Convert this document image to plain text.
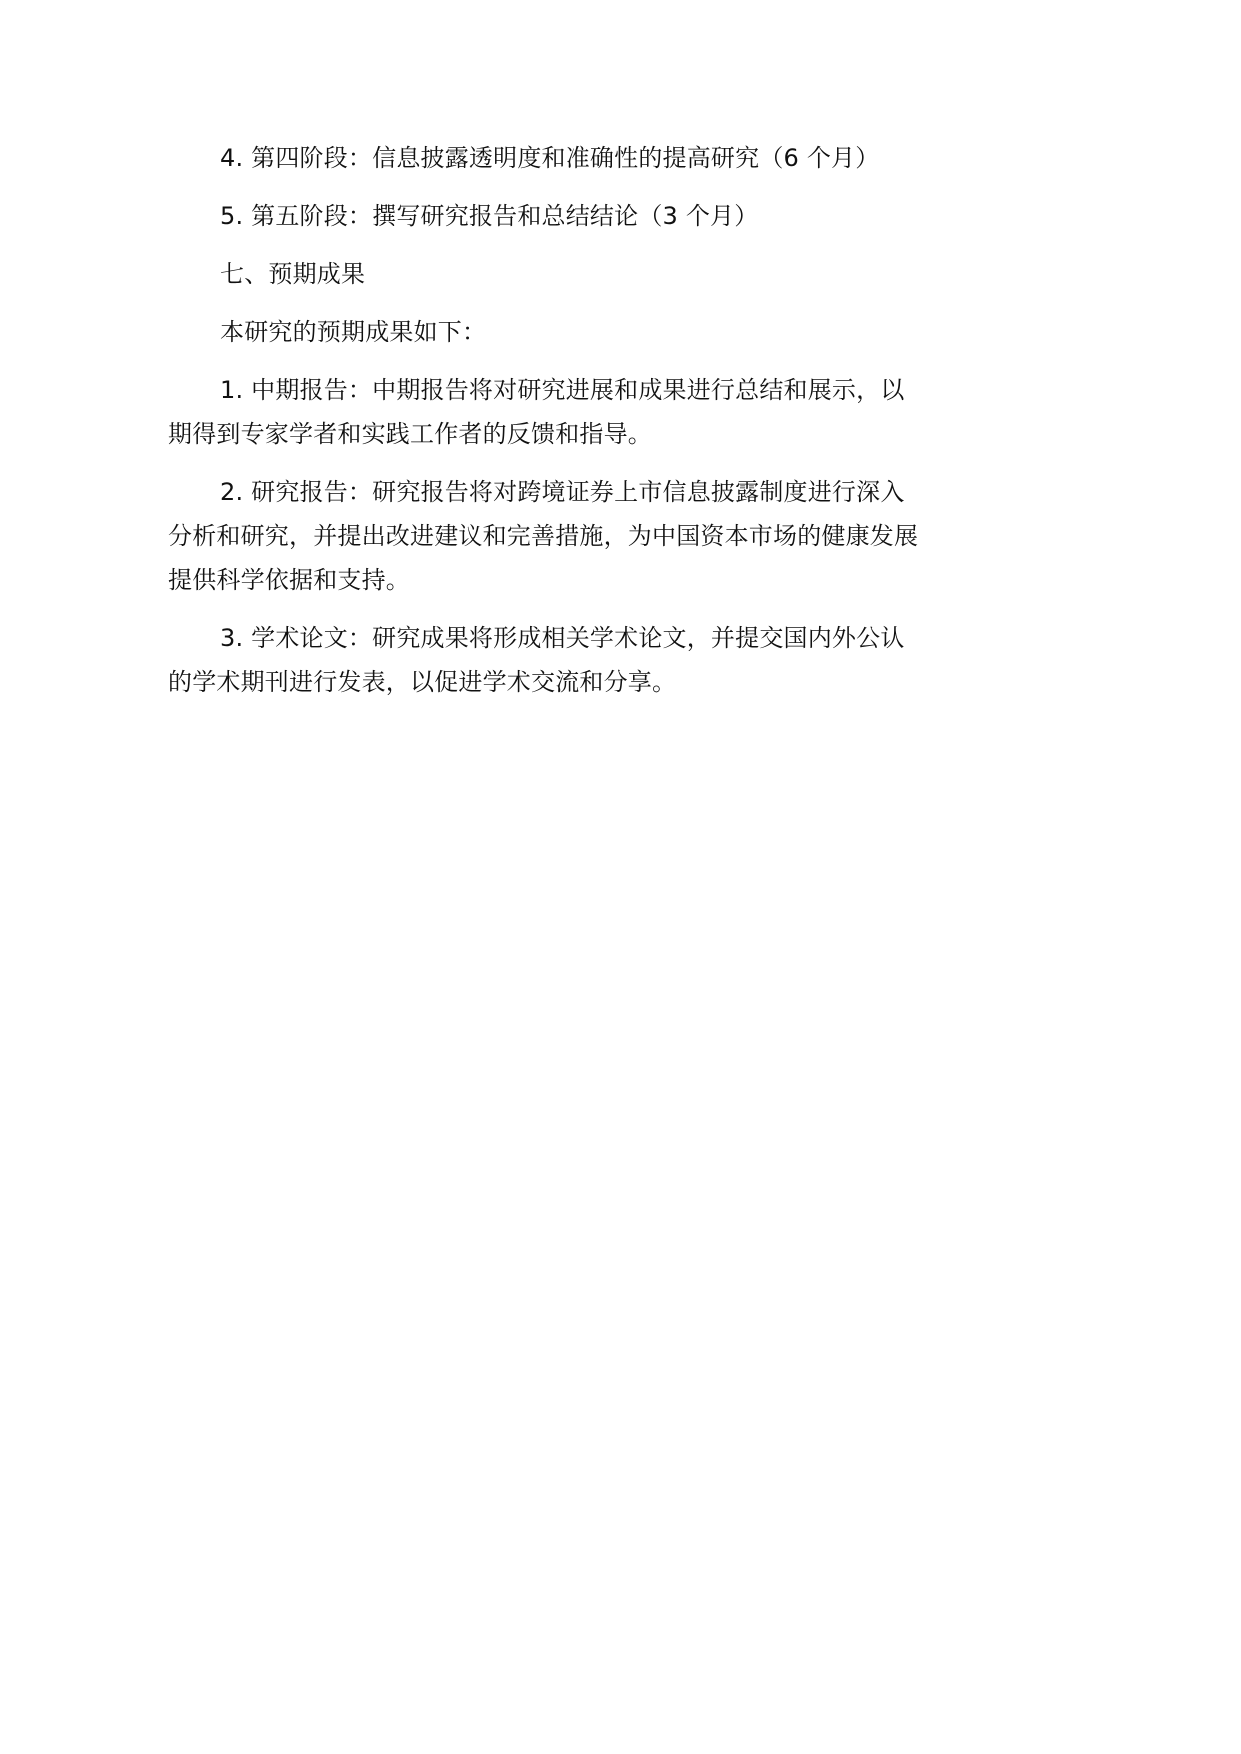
4. 第四阶段：信息披露透明度和准确性的提高研究（6 个月）

5. 第五阶段：撰写研究报告和总结结论（3 个月）

七、预期成果

本研究的预期成果如下：

1. 中期报告：中期报告将对研究进展和成果进行总结和展示，以期得到专家学者和实践工作者的反馈和指导。

2. 研究报告：研究报告将对跨境证券上市信息披露制度进行深入分析和研究，并提出改进建议和完善措施，为中国资本市场的健康发展提供科学依据和支持。

3. 学术论文：研究成果将形成相关学术论文，并提交国内外公认的学术期刊进行发表，以促进学术交流和分享。
